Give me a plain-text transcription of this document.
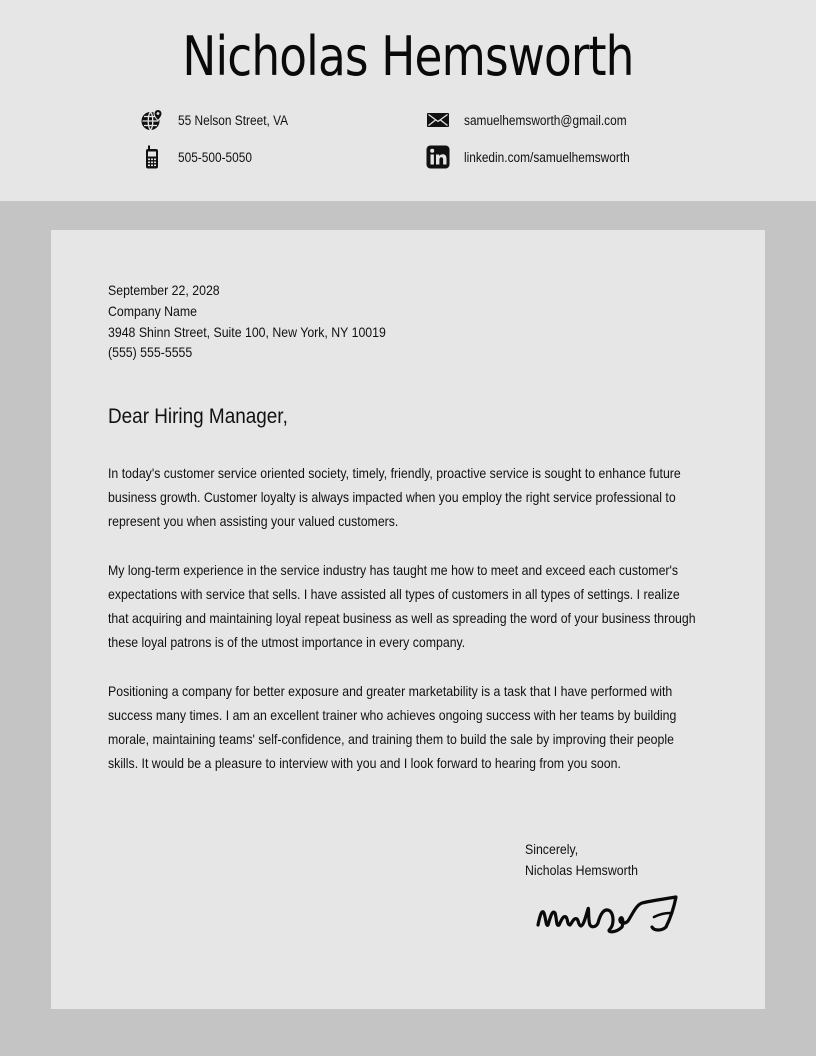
Nicholas Hemsworth
55 Nelson Street, VA	samuelhemsworth@gmail.com
505-500-5050	linkedin.com/samuelhemsworth
September 22, 2028
Company Name
3948 Shinn Street, Suite 100, New York, NY 10019
(555) 555-5555
Dear Hiring Manager,
In today's customer service oriented society, timely, friendly, proactive service is sought to enhance future business growth. Customer loyalty is always impacted when you employ the right service professional to represent you when assisting your valued customers.
My long-term experience in the service industry has taught me how to meet and exceed each customer's expectations with service that sells. I have assisted all types of customers in all types of settings. I realize that acquiring and maintaining loyal repeat business as well as spreading the word of your business through these loyal patrons is of the utmost importance in every company.
Positioning a company for better exposure and greater marketability is a task that I have performed with success many times. I am an excellent trainer who achieves ongoing success with her teams by building morale, maintaining teams' self-confidence, and training them to build the sale by improving their people skills. It would be a pleasure to interview with you and I look forward to hearing from you soon.
Sincerely,
Nicholas Hemsworth
